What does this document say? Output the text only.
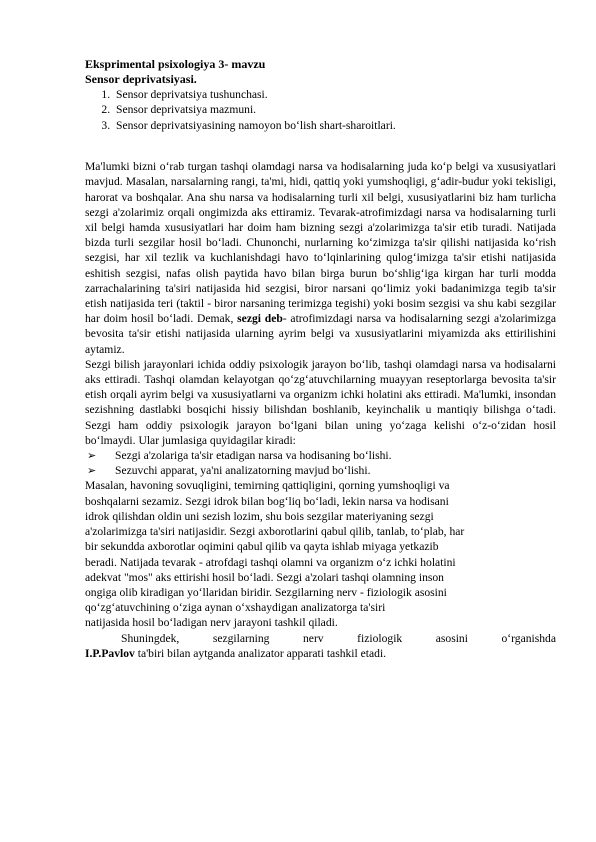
Eksprimental psixologiya 3- mavzu
Sensor deprivatsiyasi.
1. Sensor deprivatsiya tushunchasi.
2. Sensor deprivatsiya mazmuni.
3. Sensor deprivatsiyasining namoyon bo‘lish shart-sharoitlari.

Ma'lumki bizni o‘rab turgan tashqi olamdagi narsa va hodisalarning juda ko‘p belgi va xususiyatlari mavjud. Masalan, narsalarning rangi, ta'mi, hidi, qattiq yoki yumshoqligi, g‘adir-budur yoki tekisligi, harorat va boshqalar. Ana shu narsa va hodisalarning turli xil belgi, xususiyatlarini biz ham turlicha sezgi a'zolarimiz orqali ongimizda aks ettiramiz. Tevarak-atrofimizdagi narsa va hodisalarning turli xil belgi hamda xususiyatlari har doim ham bizning sezgi a'zolarimizga ta'sir etib turadi. Natijada bizda turli sezgilar hosil bo‘ladi. Chunonchi, nurlarning ko‘zimizga ta'sir qilishi natijasida ko‘rish sezgisi, har xil tezlik va kuchlanishdagi havo to‘lqinlarining qulog‘imizga ta'sir etishi natijasida eshitish sezgisi, nafas olish paytida havo bilan birga burun bo‘shlig‘iga kirgan har turli modda zarrachalarining ta'siri natijasida hid sezgisi, biror narsani qo‘limiz yoki badanimizga tegib ta'sir etish natijasida teri (taktil - biror narsaning terimizga tegishi) yoki bosim sezgisi va shu kabi sezgilar har doim hosil bo‘ladi. Demak, sezgi deb- atrofimizdagi narsa va hodisalarning sezgi a'zolarimizga bevosita ta'sir etishi natijasida ularning ayrim belgi va xususiyatlarini miyamizda aks ettirilishini aytamiz.

Sezgi bilish jarayonlari ichida oddiy psixologik jarayon bo‘lib, tashqi olamdagi narsa va hodisalarni aks ettiradi. Tashqi olamdan kelayotgan qo‘zg‘atuvchilarning muayyan reseptorlarga bevosita ta'sir etish orqali ayrim belgi va xususiyatlarni va organizm ichki holatini aks ettiradi. Ma'lumki, insondan sezishning dastlabki bosqichi hissiy bilishdan boshlanib, keyinchalik u mantiqiy bilishga o‘tadi. Sezgi ham oddiy psixologik jarayon bo‘lgani bilan uning yo‘zaga kelishi o‘z-o‘zidan hosil bo‘lmaydi. Ular jumlasiga quyidagilar kiradi:

➢ Sezgi a'zolariga ta'sir etadigan narsa va hodisaning bo‘lishi.
➢ Sezuvchi apparat, ya'ni analizatorning mavjud bo‘lishi.
Masalan, havoning sovuqligini, temirning qattiqligini, qorning yumshoqligi va
boshqalarni sezamiz. Sezgi idrok bilan bog‘liq bo‘ladi, lekin narsa va hodisani
idrok qilishdan oldin uni sezish lozim, shu bois sezgilar materiyaning sezgi
a'zolarimizga ta'siri natijasidir. Sezgi axborotlarini qabul qilib, tanlab, to‘plab, har
bir sekundda axborotlar oqimini qabul qilib va qayta ishlab miyaga yetkazib
beradi. Natijada tevarak - atrofdagi tashqi olamni va organizm o‘z ichki holatini
adekvat "mos" aks ettirishi hosil bo‘ladi. Sezgi a'zolari tashqi olamning inson
ongiga olib kiradigan yo‘llaridan biridir. Sezgilarning nerv - fiziologik asosini
qo‘zg‘atuvchining o‘ziga aynan o‘xshaydigan analizatorga ta'siri
natijasida hosil bo‘ladigan nerv jarayoni tashkil qiladi.
Shuningdek, sezgilarning nerv fiziologik asosini o‘rganishda
I.P.Pavlov ta'biri bilan aytganda analizator apparati tashkil etadi.
